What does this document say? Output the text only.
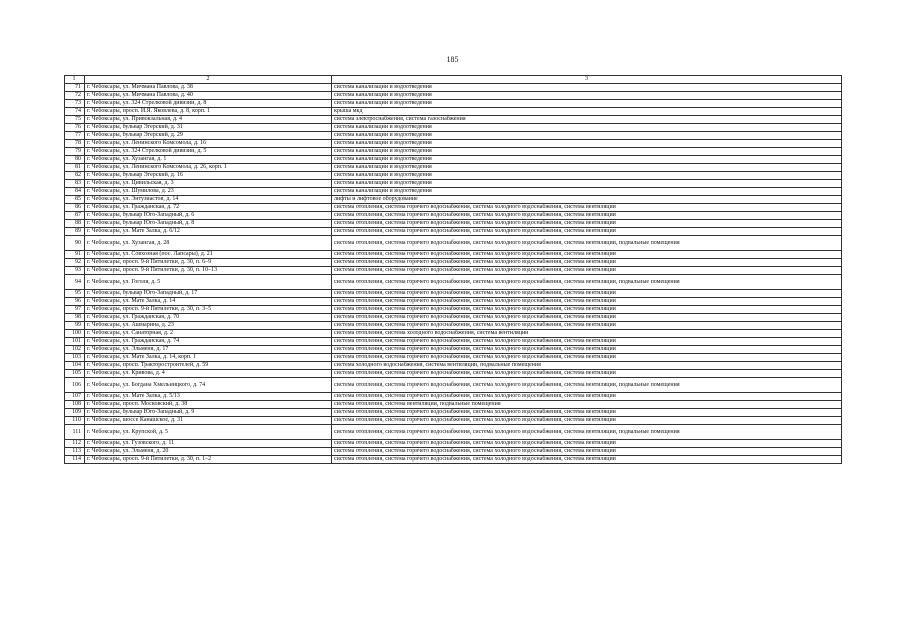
185
1	2	3
71	г. Чебоксары, ул. Мичмана Павлова, д. 38	система канализации и водоотведения
72	г. Чебоксары, ул. Мичмана Павлова, д. 40	система канализации и водоотведения
73	г. Чебоксары, ул. 324 Стрелковой дивизии, д. 8	система канализации и водоотведения
74	г. Чебоксары, просп. И.Я. Яковлева, д. 8, корп. 1	крыша мкд
75	г. Чебоксары, ул. Привокзальная, д. 4	система электроснабжения, система газоснабжения
76	г. Чебоксары, бульвар Эгерский, д. 31	система канализации и водоотведения
77	г. Чебоксары, бульвар Эгерский, д. 29	система канализации и водоотведения
78	г. Чебоксары, ул. Ленинского Комсомола, д. 16	система канализации и водоотведения
79	г. Чебоксары, ул. 324 Стрелковой дивизии, д. 5	система канализации и водоотведения
80	г. Чебоксары, ул. Хузангая, д. 1	система канализации и водоотведения
81	г. Чебоксары, ул. Ленинского Комсомола, д. 26, корп. 1	система канализации и водоотведения
82	г. Чебоксары, бульвар Эгерский, д. 16	система канализации и водоотведения
83	г. Чебоксары, ул. Цивильская, д. 3	система канализации и водоотведения
84	г. Чебоксары, ул. Шумилова, д. 23	система канализации и водоотведения
85	г. Чебоксары, ул. Энтузиастов, д. 14	лифты и лифтовое оборудование
86	г. Чебоксары, ул. Гражданская, д. 72	система отопления, система горячего водоснабжения, система холодного водоснабжения, система вентиляции
87	г. Чебоксары, бульвар Юго-Западный, д. 6	система отопления, система горячего водоснабжения, система холодного водоснабжения, система вентиляции
88	г. Чебоксары, бульвар Юго-Западный, д. 8	система отопления, система горячего водоснабжения, система холодного водоснабжения, система вентиляции
89	г. Чебоксары, ул. Мате Залка, д. 6/12	система отопления, система горячего водоснабжения, система холодного водоснабжения, система вентиляции
90	г. Чебоксары, ул. Хузангая, д. 28	система отопления, система горячего водоснабжения, система холодного водоснабжения, система вентиляции, подвальные помещения
91	г. Чебоксары, ул. Совхозная (пос. Лапсары), д. 21	система отопления, система горячего водоснабжения, система холодного водоснабжения, система вентиляции
92	г. Чебоксары, просп. 9-й Пятилетки, д. 30, п. 6–9	система отопления, система горячего водоснабжения, система холодного водоснабжения, система вентиляции
93	г. Чебоксары, просп. 9-й Пятилетки, д. 30, п. 10–13	система отопления, система горячего водоснабжения, система холодного водоснабжения, система вентиляции
94	г. Чебоксары, ул. Гоголя, д. 5	система отопления, система горячего водоснабжения, система холодного водоснабжения, система вентиляции, подвальные помещения
95	г. Чебоксары, бульвар Юго-Западный, д. 17	система отопления, система горячего водоснабжения, система холодного водоснабжения, система вентиляции
96	г. Чебоксары, ул. Мате Залка, д. 14	система отопления, система горячего водоснабжения, система холодного водоснабжения, система вентиляции
97	г. Чебоксары, просп. 9-й Пятилетки, д. 30, п. 3–5	система отопления, система горячего водоснабжения, система холодного водоснабжения, система вентиляции
98	г. Чебоксары, ул. Гражданская, д. 70	система отопления, система горячего водоснабжения, система холодного водоснабжения, система вентиляции
99	г. Чебоксары, ул. Ашмарина, д. 23	система отопления, система горячего водоснабжения, система холодного водоснабжения, система вентиляции
100	г. Чебоксары, ул. Санаторная, д. 2	система отопления, система холодного водоснабжения, система вентиляции
101	г. Чебоксары, ул. Гражданская, д. 74	система отопления, система горячего водоснабжения, система холодного водоснабжения, система вентиляции
102	г. Чебоксары, ул. Эльменя, д. 17	система отопления, система горячего водоснабжения, система холодного водоснабжения, система вентиляции
103	г. Чебоксары, ул. Мате Залка, д. 14, корп. 1	система отопления, система горячего водоснабжения, система холодного водоснабжения, система вентиляции
104	г. Чебоксары, просп. Тракторостроителей, д. 59	система холодного водоснабжения, система вентиляции, подвальные помещения
105	г. Чебоксары, ул. Кривова, д. 4	система отопления, система горячего водоснабжения, система холодного водоснабжения, система вентиляции
106	г. Чебоксары, ул. Богдана Хмельницкого, д. 74	система отопления, система горячего водоснабжения, система холодного водоснабжения, система вентиляции, подвальные помещения
107	г. Чебоксары, ул. Мате Залка, д. 5/13	система отопления, система горячего водоснабжения, система холодного водоснабжения, система вентиляции
108	г. Чебоксары, просп. Московский, д. 38	система отопления, система вентиляции, подвальные помещения
109	г. Чебоксары, бульвар Юго-Западный, д. 9	система отопления, система горячего водоснабжения, система холодного водоснабжения, система вентиляции
110	г. Чебоксары, шоссе Канашское, д. 31	система отопления, система горячего водоснабжения, система холодного водоснабжения, система вентиляции
111	г. Чебоксары, ул. Крупской, д. 5	система отопления, система горячего водоснабжения, система холодного водоснабжения, система вентиляции, подвальные помещения
112	г. Чебоксары, ул. Гузовского, д. 11	система отопления, система горячего водоснабжения, система холодного водоснабжения, система вентиляции
113	г. Чебоксары, ул. Эльменя, д. 20	система отопления, система горячего водоснабжения, система холодного водоснабжения, система вентиляции
114	г. Чебоксары, просп. 9-й Пятилетки, д. 30, п. 1–2	система отопления, система горячего водоснабжения, система холодного водоснабжения, система вентиляции
